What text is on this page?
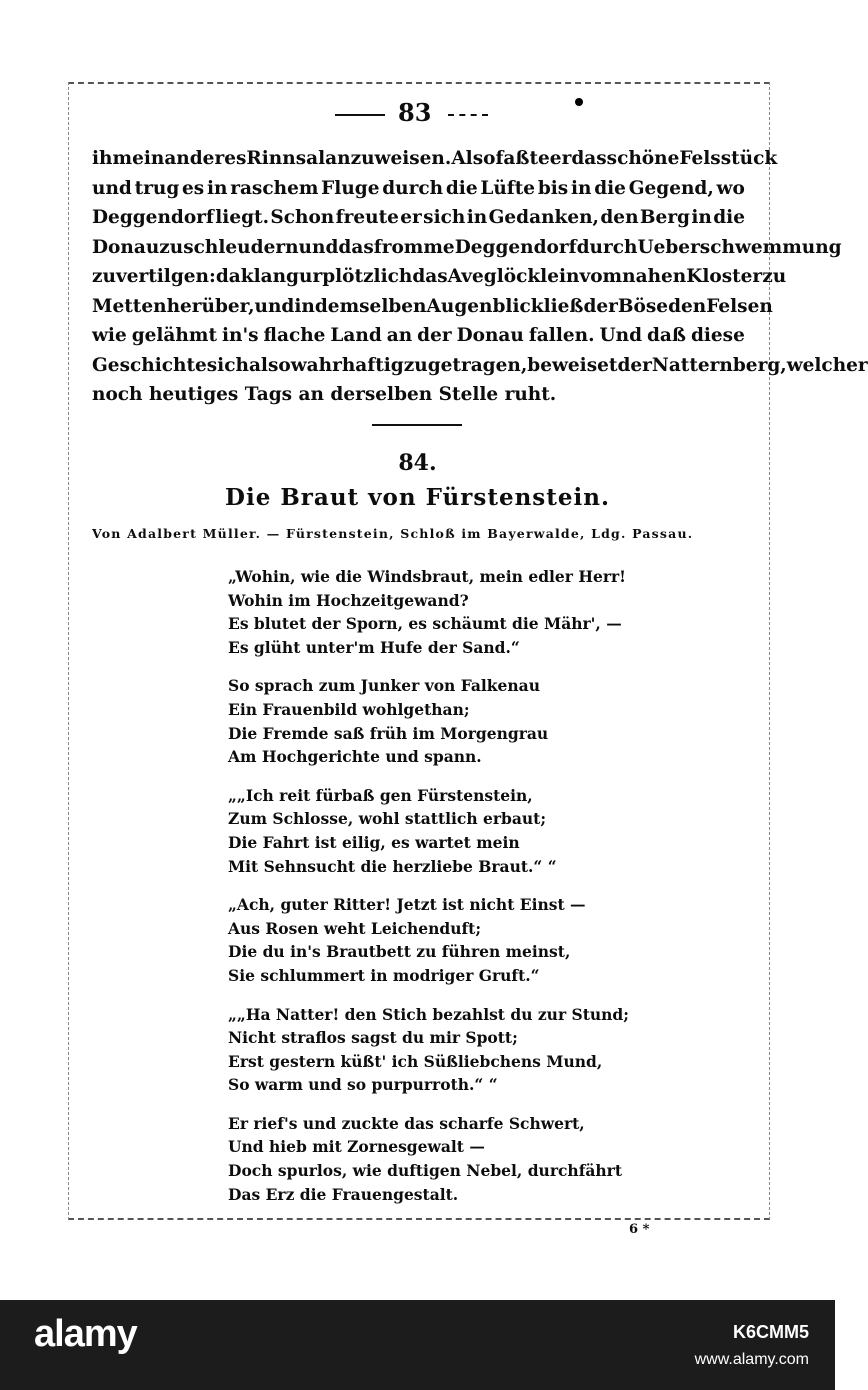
83
ihm ein anderes Rinnsal anzuweisen. Also faßte er das schöne Felsstück
und trug es in raschem Fluge durch die Lüfte bis in die Gegend, wo
Deggendorf liegt. Schon freute er sich in Gedanken, den Berg in die
Donau zu schleudern und das fromme Deggendorf durch Ueberschwemmung
zu vertilgen: da klang urplötzlich das Aveglöcklein vom nahen Kloster zu
Metten herüber, und in demselben Augenblick ließ der Böse den Felsen
wie gelähmt in's flache Land an der Donau fallen. Und daß diese
Geschichte sich also wahrhaftig zugetragen, beweiset der Natternberg, welcher
noch heutiges Tags an derselben Stelle ruht.
84.
Die Braut von Fürstenstein.
Von Adalbert Müller. — Fürstenstein, Schloß im Bayerwalde, Ldg. Passau.
„Wohin, wie die Windsbraut, mein edler Herr!
Wohin im Hochzeitgewand?
Es blutet der Sporn, es schäumt die Mähr', —
Es glüht unter'm Hufe der Sand.“
So sprach zum Junker von Falkenau
Ein Frauenbild wohlgethan;
Die Fremde saß früh im Morgengrau
Am Hochgerichte und spann.
„„Ich reit fürbaß gen Fürstenstein,
Zum Schlosse, wohl stattlich erbaut;
Die Fahrt ist eilig, es wartet mein
Mit Sehnsucht die herzliebe Braut.“ “
„Ach, guter Ritter! Jetzt ist nicht Einst —
Aus Rosen weht Leichenduft;
Die du in's Brautbett zu führen meinst,
Sie schlummert in modriger Gruft.“
„„Ha Natter! den Stich bezahlst du zur Stund;
Nicht straflos sagst du mir Spott;
Erst gestern küßt' ich Süßliebchens Mund,
So warm und so purpurroth.“ “
Er rief's und zuckte das scharfe Schwert,
Und hieb mit Zornesgewalt —
Doch spurlos, wie duftigen Nebel, durchfährt
Das Erz die Frauengestalt.
6 *
alamy	K6CMM5
www.alamy.com
